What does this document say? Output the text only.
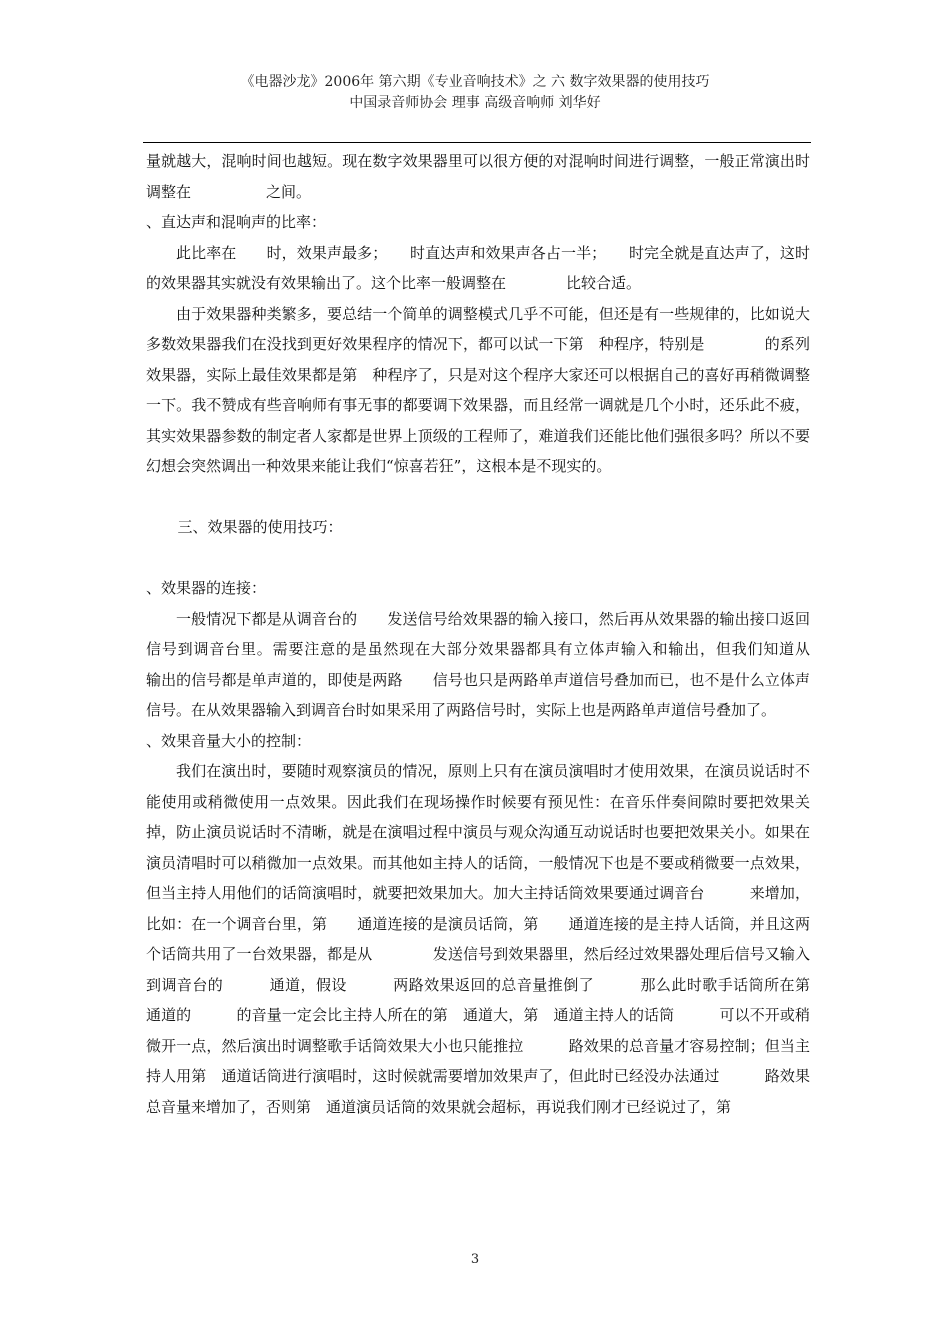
《电器沙龙》2006年 第六期《专业音响技术》之 六 数字效果器的使用技巧
中国录音师协会 理事 高级音响师 刘华好

量就越大，混响时间也越短。现在数字效果器里可以很方便的对混响时间进行调整，一般正常演出时调整在　　　　　之间。

、直达声和混响声的比率：

此比率在　　时，效果声最多；　　时直达声和效果声各占一半；　　时完全就是直达声了，这时的效果器其实就没有效果输出了。这个比率一般调整在　　　　比较合适。

由于效果器种类繁多，要总结一个简单的调整模式几乎不可能，但还是有一些规律的，比如说大多数效果器我们在没找到更好效果程序的情况下，都可以试一下第　种程序，特别是　　　　的系列效果器，实际上最佳效果都是第　种程序了，只是对这个程序大家还可以根据自己的喜好再稍微调整一下。我不赞成有些音响师有事无事的都要调下效果器，而且经常一调就是几个小时，还乐此不疲，其实效果器参数的制定者人家都是世界上顶级的工程师了，难道我们还能比他们强很多吗？所以不要幻想会突然调出一种效果来能让我们“惊喜若狂”，这根本是不现实的。

三、效果器的使用技巧：

、效果器的连接：

一般情况下都是从调音台的　　发送信号给效果器的输入接口，然后再从效果器的输出接口返回信号到调音台里。需要注意的是虽然现在大部分效果器都具有立体声输入和输出，但我们知道从　　输出的信号都是单声道的，即使是两路　　信号也只是两路单声道信号叠加而已，也不是什么立体声信号。在从效果器输入到调音台时如果采用了两路信号时，实际上也是两路单声道信号叠加了。

、效果音量大小的控制：

我们在演出时，要随时观察演员的情况，原则上只有在演员演唱时才使用效果，在演员说话时不能使用或稍微使用一点效果。因此我们在现场操作时候要有预见性：在音乐伴奏间隙时要把效果关掉，防止演员说话时不清晰，就是在演唱过程中演员与观众沟通互动说话时也要把效果关小。如果在演员清唱时可以稍微加一点效果。而其他如主持人的话筒，一般情况下也是不要或稍微要一点效果，但当主持人用他们的话筒演唱时，就要把效果加大。加大主持话筒效果要通过调音台　　　来增加，比如：在一个调音台里，第　　通道连接的是演员话筒，第　　通道连接的是主持人话筒，并且这两个话筒共用了一台效果器，都是从　　　　发送信号到效果器里，然后经过效果器处理后信号又输入到调音台的　　　通道，假设　　　两路效果返回的总音量推倒了　　　那么此时歌手话筒所在第　通道的　　　的音量一定会比主持人所在的第　通道大，第　通道主持人的话筒　　　可以不开或稍微开一点，然后演出时调整歌手话筒效果大小也只能推拉　　　路效果的总音量才容易控制；但当主持人用第　通道话筒进行演唱时，这时候就需要增加效果声了，但此时已经没办法通过　　　路效果总音量来增加了，否则第　通道演员话筒的效果就会超标，再说我们刚才已经说过了，第

3
